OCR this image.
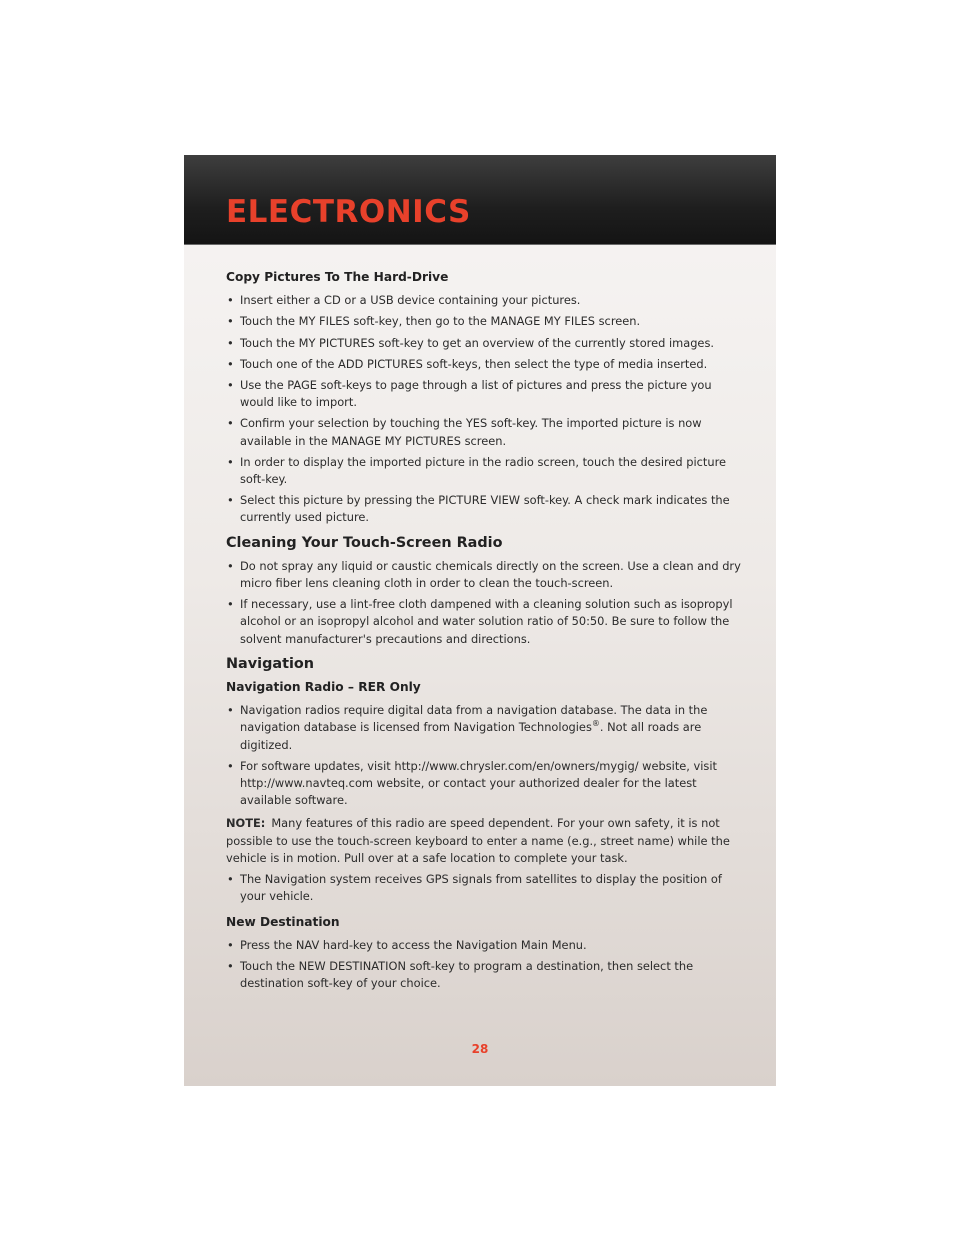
ELECTRONICS
Copy Pictures To The Hard-Drive
• Insert either a CD or a USB device containing your pictures.
• Touch the MY FILES soft-key, then go to the MANAGE MY FILES screen.
• Touch the MY PICTURES soft-key to get an overview of the currently stored images.
• Touch one of the ADD PICTURES soft-keys, then select the type of media inserted.
• Use the PAGE soft-keys to page through a list of pictures and press the picture you would like to import.
• Confirm your selection by touching the YES soft-key. The imported picture is now available in the MANAGE MY PICTURES screen.
• In order to display the imported picture in the radio screen, touch the desired picture soft-key.
• Select this picture by pressing the PICTURE VIEW soft-key. A check mark indicates the currently used picture.
Cleaning Your Touch-Screen Radio
• Do not spray any liquid or caustic chemicals directly on the screen. Use a clean and dry micro fiber lens cleaning cloth in order to clean the touch-screen.
• If necessary, use a lint-free cloth dampened with a cleaning solution such as isopropyl alcohol or an isopropyl alcohol and water solution ratio of 50:50. Be sure to follow the solvent manufacturer's precautions and directions.
Navigation
Navigation Radio – RER Only
• Navigation radios require digital data from a navigation database. The data in the navigation database is licensed from Navigation Technologies®. Not all roads are digitized.
• For software updates, visit http://www.chrysler.com/en/owners/mygig/ website, visit http://www.navteq.com website, or contact your authorized dealer for the latest available software.
NOTE: Many features of this radio are speed dependent. For your own safety, it is not possible to use the touch-screen keyboard to enter a name (e.g., street name) while the vehicle is in motion. Pull over at a safe location to complete your task.
• The Navigation system receives GPS signals from satellites to display the position of your vehicle.
New Destination
• Press the NAV hard-key to access the Navigation Main Menu.
• Touch the NEW DESTINATION soft-key to program a destination, then select the destination soft-key of your choice.
28
